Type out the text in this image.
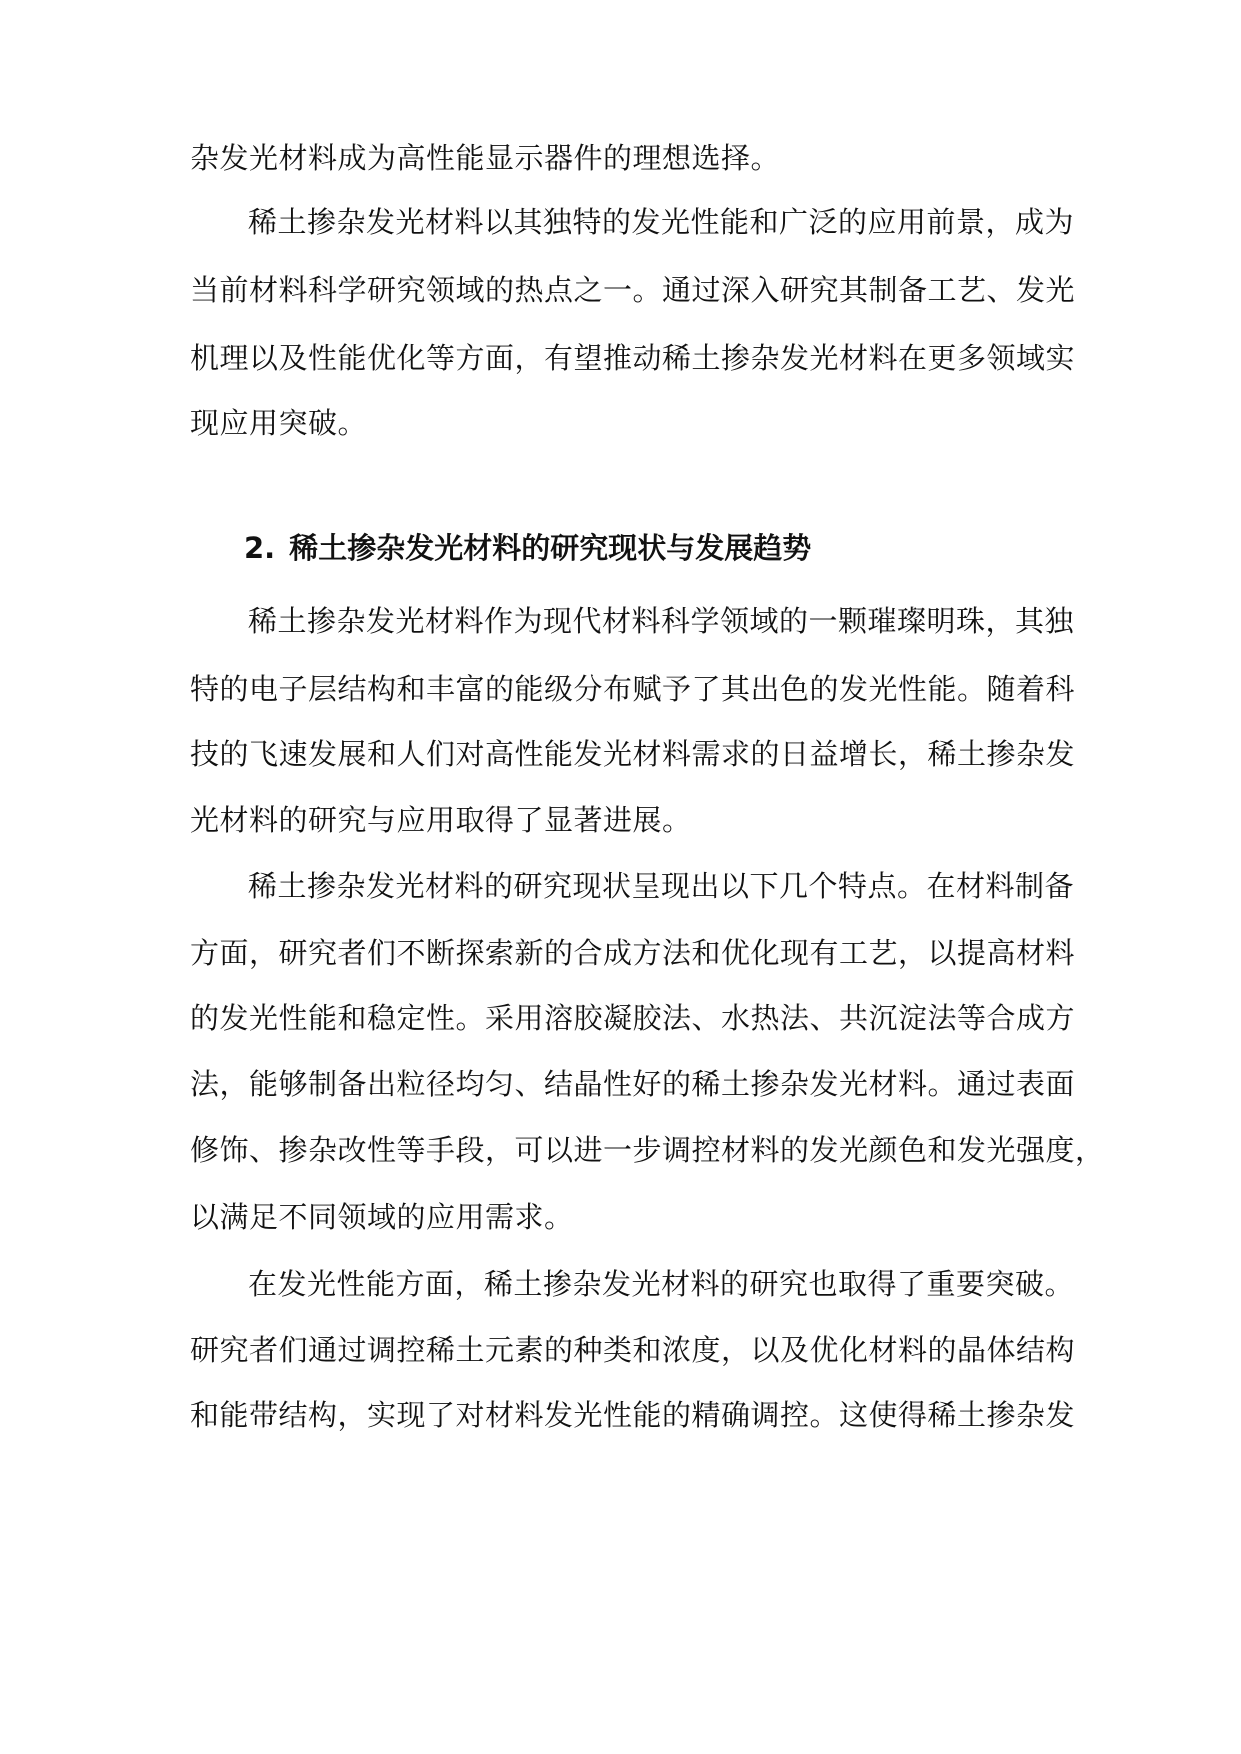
杂发光材料成为高性能显示器件的理想选择。
稀土掺杂发光材料以其独特的发光性能和广泛的应用前景，成为
当前材料科学研究领域的热点之一。通过深入研究其制备工艺、发光
机理以及性能优化等方面，有望推动稀土掺杂发光材料在更多领域实
现应用突破。
2. 稀土掺杂发光材料的研究现状与发展趋势
稀土掺杂发光材料作为现代材料科学领域的一颗璀璨明珠，其独
特的电子层结构和丰富的能级分布赋予了其出色的发光性能。随着科
技的飞速发展和人们对高性能发光材料需求的日益增长，稀土掺杂发
光材料的研究与应用取得了显著进展。
稀土掺杂发光材料的研究现状呈现出以下几个特点。在材料制备
方面，研究者们不断探索新的合成方法和优化现有工艺，以提高材料
的发光性能和稳定性。采用溶胶凝胶法、水热法、共沉淀法等合成方
法，能够制备出粒径均匀、结晶性好的稀土掺杂发光材料。通过表面
修饰、掺杂改性等手段，可以进一步调控材料的发光颜色和发光强度，
以满足不同领域的应用需求。
在发光性能方面，稀土掺杂发光材料的研究也取得了重要突破。
研究者们通过调控稀土元素的种类和浓度，以及优化材料的晶体结构
和能带结构，实现了对材料发光性能的精确调控。这使得稀土掺杂发
